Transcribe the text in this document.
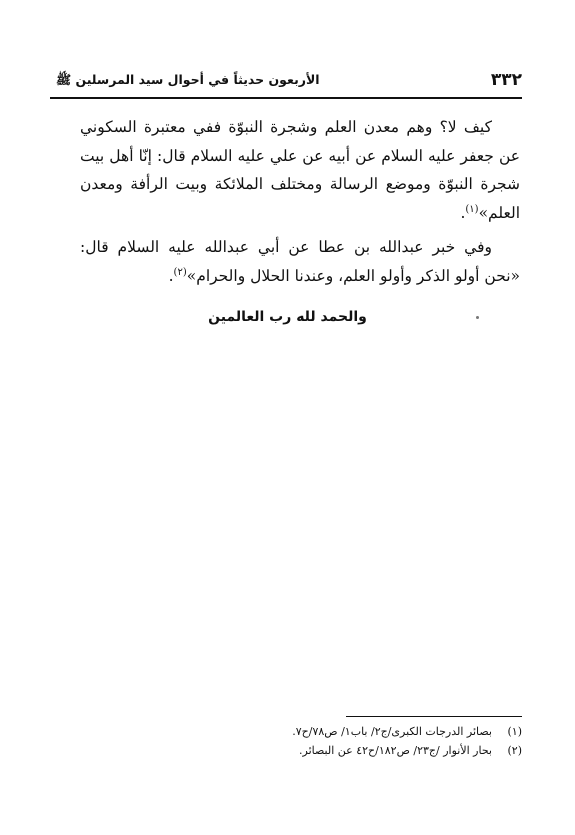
٣٣٢
الأربعون حديثاً في أحوال سيد المرسلين ﷺ

كيف لا؟ وهم معدن العلم وشجرة النبوّة ففي معتبرة السكوني عن جعفر عليه السلام عن أبيه عن علي عليه السلام قال: إنّا أهل بيت شجرة النبوّة وموضع الرسالة ومختلف الملائكة وبيت الرأفة ومعدن العلم»$^{(١)}$.

وفي خبر عبدالله بن عطا عن أبي عبدالله عليه السلام قال: «نحن أولو الذكر وأولو العلم، وعندنا الحلال والحرام»$^{(٢)}$.

والحمد لله رب العالمين
(١)بصائر الدرجات الكبرى/ج٢/ باب١/ ص٧٨/ح٧.
(٢)بحار الأنوار /ج٢٣/ ص١٨٢/ح٤٢ عن البصائر.
